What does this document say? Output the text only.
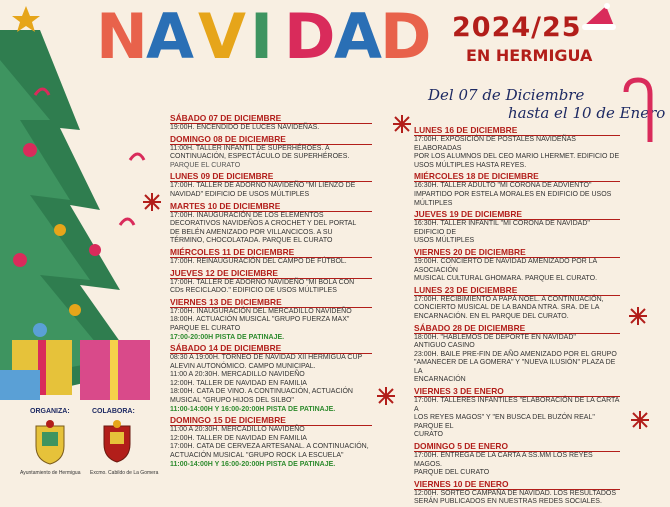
N
A V I D
A
D 2024/25
EN HERMIGUA
Del 07 de Diciembre
hasta el 10 de Enero
SÁBADO 07 DE DICIEMBRE
19:00H. ENCENDIDO DE LUCES NAVIDEÑAS.
DOMINGO 08 DE DICIEMBRE
11:00H. TALLER INFANTIL DE SUPERHÉROES. A
CONTINUACIÓN, ESPECTÁCULO DE SUPERHÉROES.
PARQUE EL CURATO
LUNES 09 DE DICIEMBRE
17:00H. TALLER DE ADORNO NAVIDEÑO "MI LIENZO DE
NAVIDAD" EDIFICIO DE USOS MÚLTIPLES
MARTES 10 DE DICIEMBRE
17:00H. INAUGURACIÓN DE LOS ELEMENTOS
DECORATIVOS NAVIDEÑOS A CROCHET Y DEL PORTAL
DE BELÉN AMENIZADO POR VILLANCICOS. A SU
TÉRMINO, CHOCOLATADA. PARQUE EL CURATO
MIÉRCOLES 11 DE DICIEMBRE
17:00H. REINAUGURACIÓN DEL CAMPO DE FÚTBOL.
JUEVES 12 DE DICIEMBRE
17:00H. TALLER DE ADORNO NAVIDEÑO "MI BOLA CON
CDs RECICLADO." EDIFICIO DE USOS MÚLTIPLES
VIERNES 13 DE DICIEMBRE
17:00H. INAUGURACIÓN DEL MERCADILLO NAVIDEÑO
18:00H. ACTUACIÓN MUSICAL "GRUPO FUERZA MAX"
PARQUE EL CURATO
17:00-20:00H PISTA DE PATINAJE.
SÁBADO 14 DE DICIEMBRE
08:30 A 19:00H. TORNEO DE NAVIDAD XII HERMIGUA CUP
ALEVIN AUTONÓMICO. CAMPO MUNICIPAL.
11:00 A 20:30H. MERCADILLO NAVIDEÑO
12:00H. TALLER DE NAVIDAD EN FAMILIA
18:00H. CATA DE VINO. A CONTINUACIÓN, ACTUACIÓN
MUSICAL "GRUPO HIJOS DEL SILBO"
11:00-14:00H Y 16:00-20:00H PISTA DE PATINAJE.
DOMINGO 15 DE DICIEMBRE
11:00 A 20:30H. MERCADILLO NAVIDEÑO
12:00H. TALLER DE NAVIDAD EN FAMILIA
17:00H. CATA DE CERVEZA ARTESANAL. A CONTINUACIÓN,
ACTUACIÓN MUSICAL "GRUPO ROCK LA ESCUELA"
11:00-14:00H Y 16:00-20:00H PISTA DE PATINAJE.
LUNES 16 DE DICIEMBRE
17:00H. EXPOSICIÓN DE POSTALES NAVIDEÑAS ELABORADAS
POR LOS ALUMNOS DEL CEO MARIO LHERMET. EDIFICIO DE
USOS MÚLTIPLES HASTA REYES.
MIÉRCOLES 18 DE DICIEMBRE
16:30H. TALLER ADULTO "MI CORONA DE ADVIENTO"
IMPARTIDO POR ESTELA MORALES EN EDIFICIO DE USOS
MÚLTIPLES
JUEVES 19 DE DICIEMBRE
16:30H. TALLER INFANTIL "MI CORONA DE NAVIDAD" EDIFICIO DE
USOS MÚLTIPLES
VIERNES 20 DE DICIEMBRE
19:00H. CONCIERTO DE NAVIDAD AMENIZADO POR LA ASOCIACIÓN
MUSICAL CULTURAL GHOMARA. PARQUE EL CURATO.
LUNES 23 DE DICIEMBRE
17:00H. RECIBIMIENTO A PAPÁ NOEL. A CONTINUACIÓN,
CONCIERTO MUSICAL DE LA BANDA NTRA. SRA. DE LA
ENCARNACIÓN. EN EL PARQUE DEL CURATO.
SÁBADO 28 DE DICIEMBRE
18:00H. "HABLEMOS DE DEPORTE EN NAVIDAD"
ANTIGUO CASINO
23:00H. BAILE PRE-FIN DE AÑO AMENIZADO POR EL GRUPO
"AMANECER DE LA GOMERA" Y "NUEVA ILUSIÓN" PLAZA DE LA
ENCARNACIÓN
VIERNES 3 DE ENERO
17:00H. TALLERES INFANTILES "ELABORACIÓN DE LA CARTA A
LOS REYES MAGOS" Y "EN BUSCA DEL BUZÓN REAL" PARQUE EL
CURATO
DOMINGO 5 DE ENERO
17:00H. ENTREGA DE LA CARTA A SS.MM LOS REYES MAGOS.
PARQUE DEL CURATO
VIERNES 10 DE ENERO
12:00H. SORTEO CAMPAÑA DE NAVIDAD. LOS RESULTADOS
SERÁN PUBLICADOS EN NUESTRAS REDES SOCIALES.
ORGANIZA:	COLABORA:
Ayuntamiento de Hermigua Excmo. Cabildo de La Gomera
